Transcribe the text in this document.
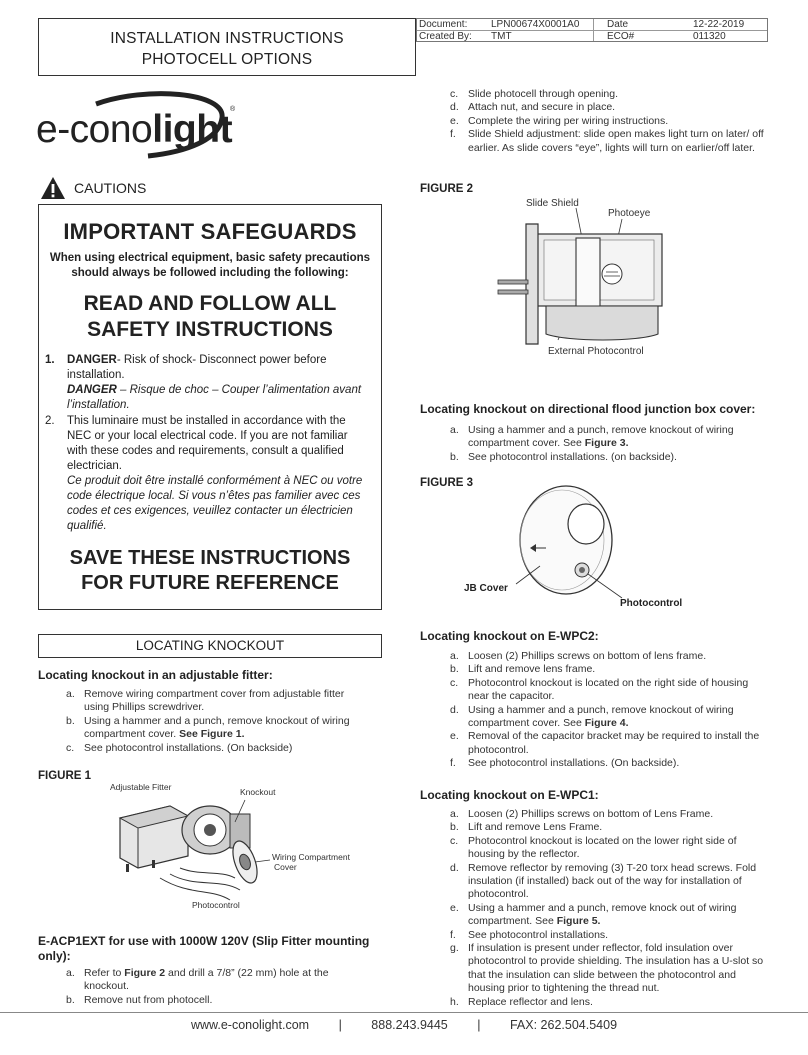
INSTALLATION INSTRUCTIONS
PHOTOCELL OPTIONS
Document: LPN00674X0001A0	Date	12-22-2019
Created By: TMT	ECO#	011320
e-conolight
®
CAUTIONS
IMPORTANT SAFEGUARDS
When using electrical equipment, basic safety precautions should always be followed including the following:
READ AND FOLLOW ALL
SAFETY INSTRUCTIONS
1. DANGER- Risk of shock- Disconnect power before installation.
DANGER – Risque de choc – Couper l’alimentation avant l’installation.
2. This luminaire must be installed in accordance with the NEC or your local electrical code. If you are not familiar with these codes and requirements, consult a qualified electrician.
Ce produit doit être installé conformément à NEC ou votre code électrique local. Si vous n’êtes pas familier avec ces codes et ces exigences, veuillez contacter un électricien qualifié.
SAVE THESE INSTRUCTIONS
FOR FUTURE REFERENCE
LOCATING KNOCKOUT
Locating knockout in an adjustable fitter:
a. Remove wiring compartment cover from adjustable fitter using Phillips screwdriver.
b. Using a hammer and a punch, remove knockout of wiring compartment cover. See Figure 1.
c. See photocontrol installations. (On backside)
FIGURE 1
Adjustable Fitter	Knockout
Wiring Compartment
Cover
Photocontrol
E-ACP1EXT for use with 1000W 120V (Slip Fitter mounting only):
a. Refer to Figure 2 and drill a 7/8” (22 mm) hole at the knockout.
b. Remove nut from photocell.
c. Slide photocell through opening.
d. Attach nut, and secure in place.
e. Complete the wiring per wiring instructions.
f. Slide Shield adjustment: slide open makes light turn on later/ off earlier. As slide covers “eye”, lights will turn on earlier/off later.
FIGURE 2
Slide Shield
Photoeye
External Photocontrol
Locating knockout on directional flood junction box cover:
a. Using a hammer and a punch, remove knockout of wiring compartment cover. See Figure 3.
b. See photocontrol installations. (on backside).
FIGURE 3
JB Cover
Photocontrol
Locating knockout on E-WPC2:
a. Loosen (2) Phillips screws on bottom of lens frame.
b. Lift and remove lens frame.
c. Photocontrol knockout is located on the right side of housing near the capacitor.
d. Using a hammer and a punch, remove knockout of wiring compartment cover. See Figure 4.
e. Removal of the capacitor bracket may be required to install the photocontrol.
f. See photocontrol installations. (On backside).
Locating knockout on E-WPC1:
a. Loosen (2) Phillips screws on bottom of Lens Frame.
b. Lift and remove Lens Frame.
c. Photocontrol knockout is located on the lower right side of housing by the reflector.
d. Remove reflector by removing (3) T-20 torx head screws. Fold insulation (if installed) back out of the way for installation of photocontrol.
e. Using a hammer and a punch, remove knock out of wiring compartment. See Figure 5.
f. See photocontrol installations.
g. If insulation is present under reflector, fold insulation over photocontrol to provide shielding. The insulation has a U-slot so that the insulation can slide between the photocontrol and housing prior to tightening the thread nut.
h. Replace reflector and lens.
www.e-conolight.com | 888.243.9445 | FAX: 262.504.5409
